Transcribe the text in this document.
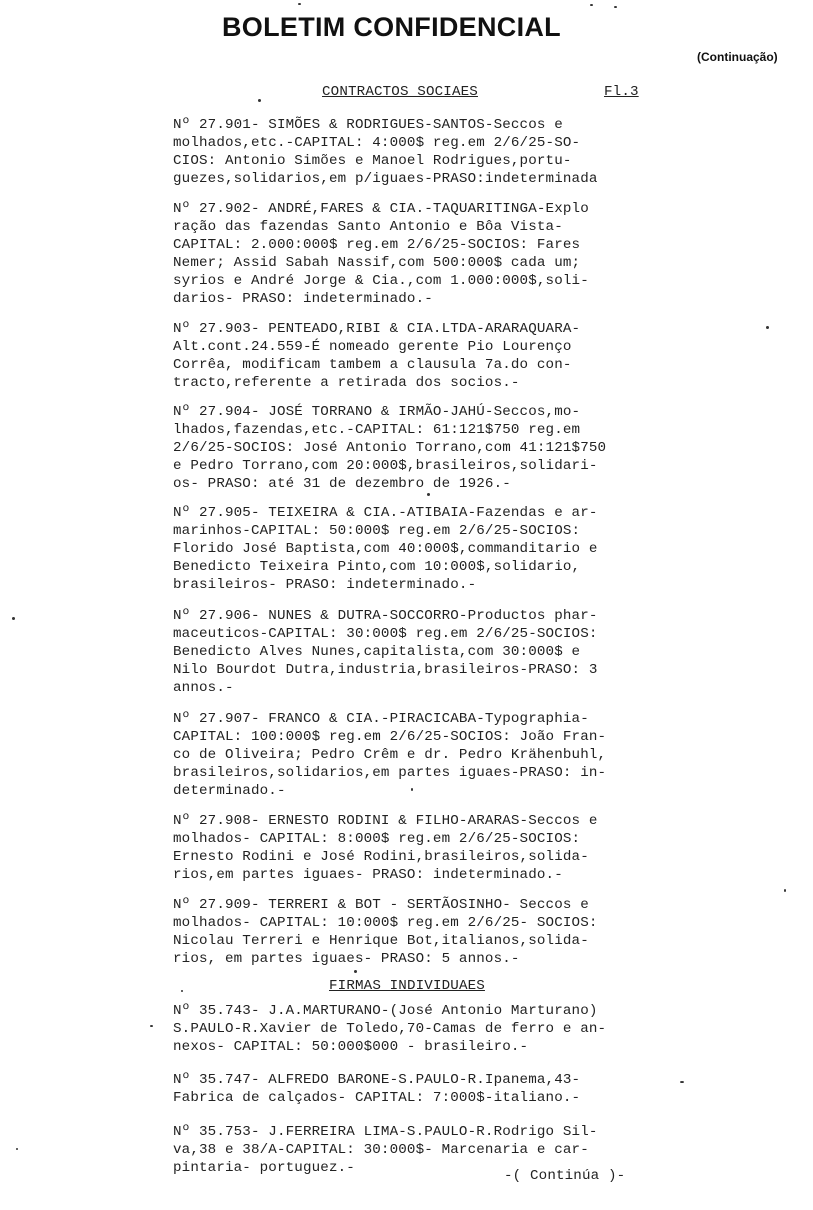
BOLETIM CONFIDENCIAL
(Continuação)
CONTRACTOS SOCIAES	Fl.3
Nº 27.901- SIMÕES & RODRIGUES-SANTOS-Seccos e
molhados,etc.-CAPITAL: 4:000$ reg.em 2/6/25-SO-
CIOS: Antonio Simões e Manoel Rodrigues,portu-
guezes,solidarios,em p/iguaes-PRASO:indeterminada
Nº 27.902- ANDRÉ,FARES & CIA.-TAQUARITINGA-Explo
ração das fazendas Santo Antonio e Bôa Vista-
CAPITAL: 2.000:000$ reg.em 2/6/25-SOCIOS: Fares
Nemer; Assid Sabah Nassif,com 500:000$ cada um;
syrios e André Jorge & Cia.,com 1.000:000$,soli-
darios- PRASO: indeterminado.-
Nº 27.903- PENTEADO,RIBI & CIA.LTDA-ARARAQUARA-
Alt.cont.24.559-É nomeado gerente Pio Lourenço
Corrêa, modificam tambem a clausula 7a.do con-
tracto,referente a retirada dos socios.-
Nº 27.904- JOSÉ TORRANO & IRMÃO-JAHÚ-Seccos,mo-
lhados,fazendas,etc.-CAPITAL: 61:121$750 reg.em
2/6/25-SOCIOS: José Antonio Torrano,com 41:121$750
e Pedro Torrano,com 20:000$,brasileiros,solidari-
os- PRASO: até 31 de dezembro de 1926.-
Nº 27.905- TEIXEIRA & CIA.-ATIBAIA-Fazendas e ar-
marinhos-CAPITAL: 50:000$ reg.em 2/6/25-SOCIOS:
Florido José Baptista,com 40:000$,commanditario e
Benedicto Teixeira Pinto,com 10:000$,solidario,
brasileiros- PRASO: indeterminado.-
Nº 27.906- NUNES & DUTRA-SOCCORRO-Productos phar-
maceuticos-CAPITAL: 30:000$ reg.em 2/6/25-SOCIOS:
Benedicto Alves Nunes,capitalista,com 30:000$ e
Nilo Bourdot Dutra,industria,brasileiros-PRASO: 3
annos.-
Nº 27.907- FRANCO & CIA.-PIRACICABA-Typographia-
CAPITAL: 100:000$ reg.em 2/6/25-SOCIOS: João Fran-
co de Oliveira; Pedro Crêm e dr. Pedro Krähenbuhl,
brasileiros,solidarios,em partes iguaes-PRASO: in-
determinado.-
Nº 27.908- ERNESTO RODINI & FILHO-ARARAS-Seccos e
molhados- CAPITAL: 8:000$ reg.em 2/6/25-SOCIOS:
Ernesto Rodini e José Rodini,brasileiros,solida-
rios,em partes iguaes- PRASO: indeterminado.-
Nº 27.909- TERRERI & BOT - SERTÃOSINHO- Seccos e
molhados- CAPITAL: 10:000$ reg.em 2/6/25- SOCIOS:
Nicolau Terreri e Henrique Bot,italianos,solida-
rios, em partes iguaes- PRASO: 5 annos.-
FIRMAS INDIVIDUAES
Nº 35.743- J.A.MARTURANO-(José Antonio Marturano)
S.PAULO-R.Xavier de Toledo,70-Camas de ferro e an-
nexos- CAPITAL: 50:000$000 - brasileiro.-
Nº 35.747- ALFREDO BARONE-S.PAULO-R.Ipanema,43-
Fabrica de calçados- CAPITAL: 7:000$-italiano.-
Nº 35.753- J.FERREIRA LIMA-S.PAULO-R.Rodrigo Sil-
va,38 e 38/A-CAPITAL: 30:000$- Marcenaria e car-
pintaria- portuguez.-	-( Continúa )-
